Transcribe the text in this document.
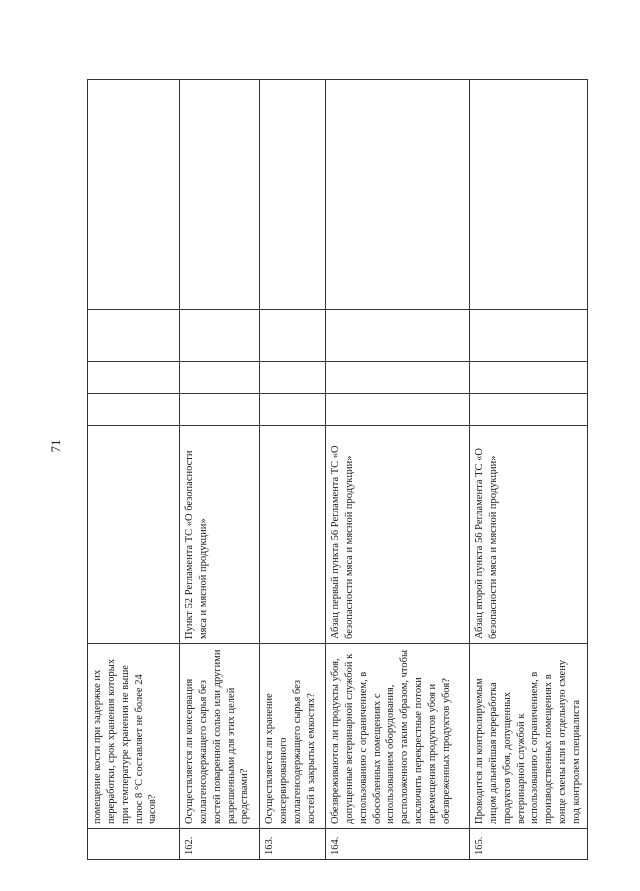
71
	помещение кости при задержке их переработки, срок хранения которых при температуре хранения не выше плюс 8 °С составляет не более 24 часов?					
162.	Осуществляется ли консервация коллагенсодержащего сырья без костей поваренной солью или другими разрешенными для этих целей средствами?	Пункт 52 Регламента ТС «О безопасности мяса и мясной продукции»				
163.	Осуществляется ли хранение консервированного коллагенсодержащего сырья без костей в закрытых емкостях?					
164.	Обезвреживаются ли продукты убоя, допущенные ветеринарной службой к использованию с ограничением, в обособленных помещениях с использованием оборудования, расположенного таким образом, чтобы исключить перекрестные потоки перемещения продуктов убоя и обезвреженных продуктов убоя?	Абзац первый пункта 56 Регламента ТС «О безопасности мяса и мясной продукции»				
165.	Проводится ли контролируемым лицом дальнейшая переработка продуктов убоя, допущенных ветеринарной службой к использованию с ограничением, в производственных помещениях в конце смены или в отдельную смену под контролем специалиста	Абзац второй пункта 56 Регламента ТС «О безопасности мяса и мясной продукции»				
